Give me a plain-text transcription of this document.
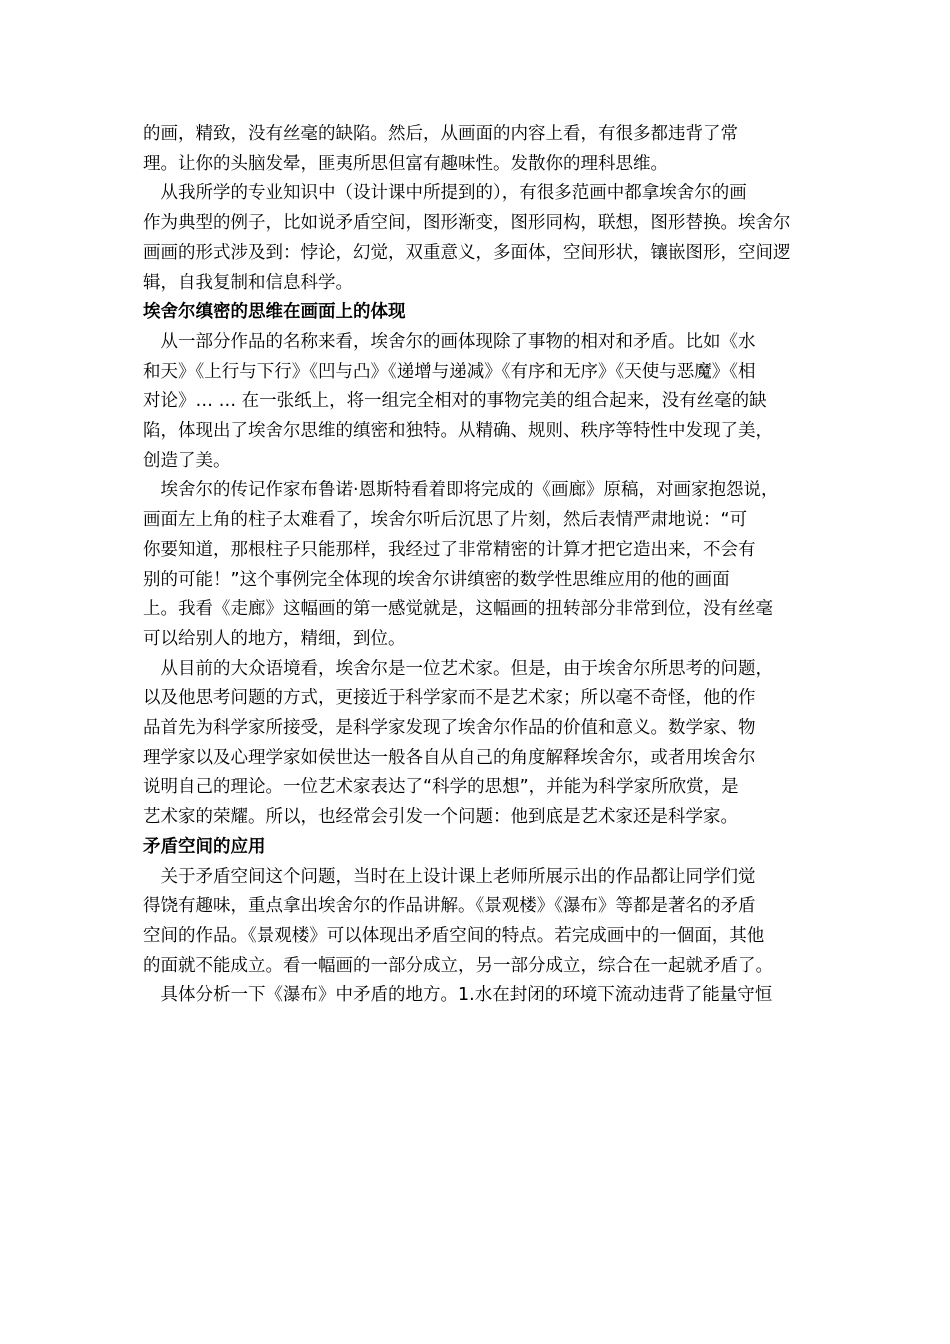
的画，精致，没有丝毫的缺陷。然后，从画面的内容上看，有很多都违背了常
理。让你的头脑发晕，匪夷所思但富有趣味性。发散你的理科思维。
　从我所学的专业知识中（设计课中所提到的），有很多范画中都拿埃舍尔的画
作为典型的例子，比如说矛盾空间，图形渐变，图形同构，联想，图形替换。埃舍尔
画画的形式涉及到：悖论，幻觉，双重意义，多面体，空间形状，镶嵌图形，空间逻
辑，自我复制和信息科学。
埃舍尔缜密的思维在画面上的体现
　从一部分作品的名称来看，埃舍尔的画体现除了事物的相对和矛盾。比如《水
和天》《上行与下行》《凹与凸》《递增与递减》《有序和无序》《天使与恶魔》《相
对论》… … 在一张纸上，将一组完全相对的事物完美的组合起来，没有丝毫的缺
陷，体现出了埃舍尔思维的缜密和独特。从精确、规则、秩序等特性中发现了美，
创造了美。
　埃舍尔的传记作家布鲁诺·恩斯特看着即将完成的《画廊》原稿，对画家抱怨说，
画面左上角的柱子太难看了，埃舍尔听后沉思了片刻，然后表情严肃地说：“可
你要知道，那根柱子只能那样，我经过了非常精密的计算才把它造出来，不会有
别的可能！”这个事例完全体现的埃舍尔讲缜密的数学性思维应用的他的画面
上。我看《走廊》这幅画的第一感觉就是，这幅画的扭转部分非常到位，没有丝毫
可以给别人的地方，精细，到位。
　从目前的大众语境看，埃舍尔是一位艺术家。但是，由于埃舍尔所思考的问题，
以及他思考问题的方式，更接近于科学家而不是艺术家；所以毫不奇怪，他的作
品首先为科学家所接受，是科学家发现了埃舍尔作品的价值和意义。数学家、物
理学家以及心理学家如侯世达一般各自从自己的角度解释埃舍尔，或者用埃舍尔
说明自己的理论。一位艺术家表达了“科学的思想”，并能为科学家所欣赏，是
艺术家的荣耀。所以，也经常会引发一个问题：他到底是艺术家还是科学家。
矛盾空间的应用
　关于矛盾空间这个问题，当时在上设计课上老师所展示出的作品都让同学们觉
得饶有趣味，重点拿出埃舍尔的作品讲解。《景观楼》《瀑布》等都是著名的矛盾
空间的作品。《景观楼》可以体现出矛盾空间的特点。若完成画中的一個面，其他
的面就不能成立。看一幅画的一部分成立，另一部分成立，综合在一起就矛盾了。
　具体分析一下《瀑布》中矛盾的地方。1.水在封闭的环境下流动违背了能量守恒
